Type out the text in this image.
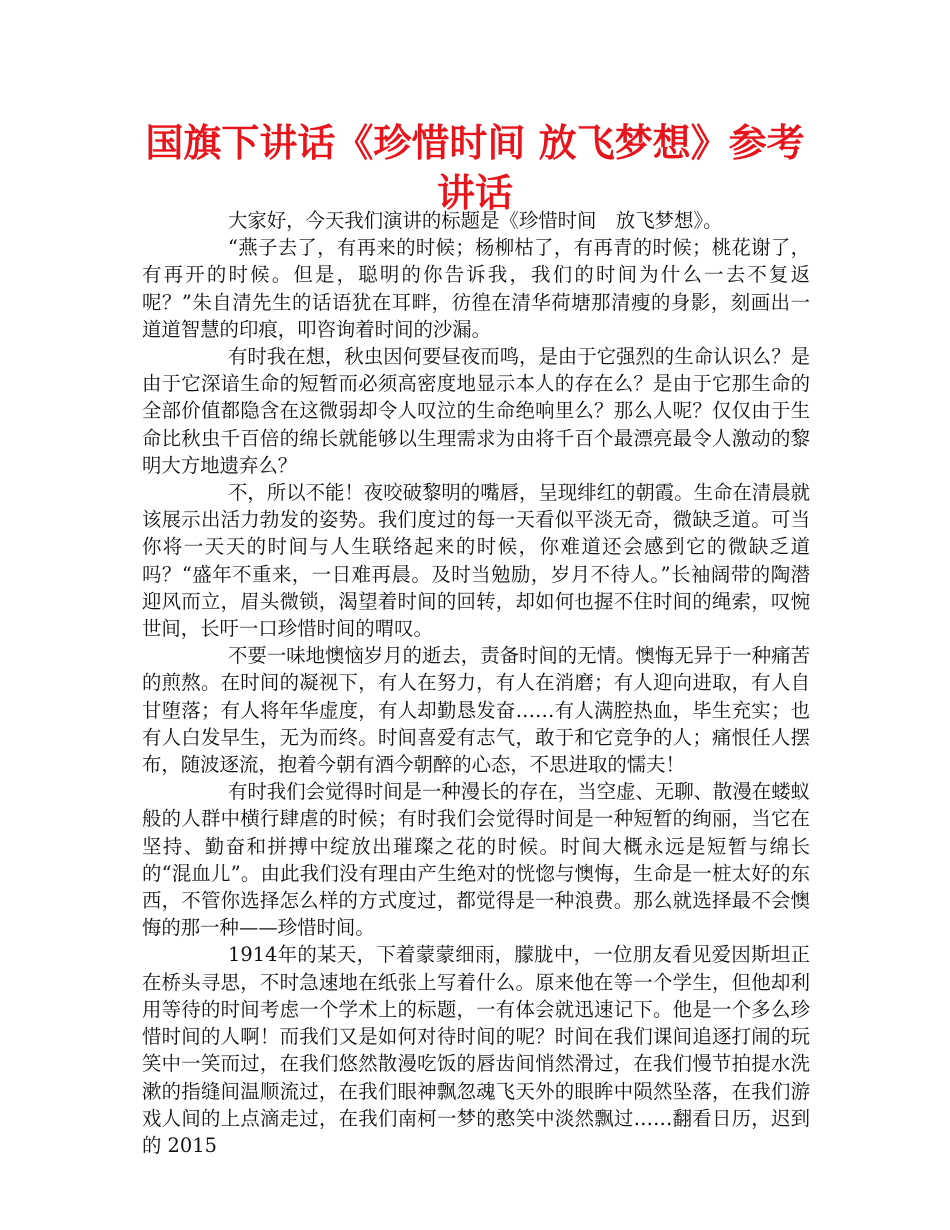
国旗下讲话《珍惜时间 放飞梦想》参考讲话

大家好，今天我们演讲的标题是《珍惜时间　放飞梦想》。

“燕子去了，有再来的时候；杨柳枯了，有再青的时候；桃花谢了，有再开的时候。但是，聪明的你告诉我，我们的时间为什么一去不复返呢？”朱自清先生的话语犹在耳畔，彷徨在清华荷塘那清瘦的身影，刻画出一道道智慧的印痕，叩咨询着时间的沙漏。

有时我在想，秋虫因何要昼夜而鸣，是由于它强烈的生命认识么？是由于它深谙生命的短暂而必须高密度地显示本人的存在么？是由于它那生命的全部价值都隐含在这微弱却令人叹泣的生命绝响里么？那么人呢？仅仅由于生命比秋虫千百倍的绵长就能够以生理需求为由将千百个最漂亮最令人激动的黎明大方地遗弃么？

不，所以不能！夜咬破黎明的嘴唇，呈现绯红的朝霞。生命在清晨就该展示出活力勃发的姿势。我们度过的每一天看似平淡无奇，微缺乏道。可当你将一天天的时间与人生联络起来的时候，你难道还会感到它的微缺乏道吗？“盛年不重来，一日难再晨。及时当勉励，岁月不待人。”长袖阔带的陶潜迎风而立，眉头微锁，渴望着时间的回转，却如何也握不住时间的绳索，叹惋世间，长吁一口珍惜时间的喟叹。

不要一味地懊恼岁月的逝去，责备时间的无情。懊悔无异于一种痛苦的煎熬。在时间的凝视下，有人在努力，有人在消磨；有人迎向进取，有人自甘堕落；有人将年华虚度，有人却勤恳发奋……有人满腔热血，毕生充实；也有人白发早生，无为而终。时间喜爱有志气，敢于和它竞争的人；痛恨任人摆布，随波逐流，抱着今朝有酒今朝醉的心态，不思进取的懦夫！

有时我们会觉得时间是一种漫长的存在，当空虚、无聊、散漫在蝼蚁般的人群中横行肆虐的时候；有时我们会觉得时间是一种短暂的绚丽，当它在坚持、勤奋和拼搏中绽放出璀璨之花的时候。时间大概永远是短暂与绵长的“混血儿”。由此我们没有理由产生绝对的恍惚与懊悔，生命是一桩太好的东西，不管你选择怎么样的方式度过，都觉得是一种浪费。那么就选择最不会懊悔的那一种——珍惜时间。

1914年的某天，下着蒙蒙细雨，朦胧中，一位朋友看见爱因斯坦正在桥头寻思，不时急速地在纸张上写着什么。原来他在等一个学生，但他却利用等待的时间考虑一个学术上的标题，一有体会就迅速记下。他是一个多么珍惜时间的人啊！而我们又是如何对待时间的呢？时间在我们课间追逐打闹的玩笑中一笑而过，在我们悠然散漫吃饭的唇齿间悄然滑过，在我们慢节拍提水洗漱的指缝间温顺流过，在我们眼神飘忽魂飞天外的眼眸中陨然坠落，在我们游戏人间的上点滴走过，在我们南柯一梦的憨笑中淡然飘过……翻看日历，迟到的 2015
